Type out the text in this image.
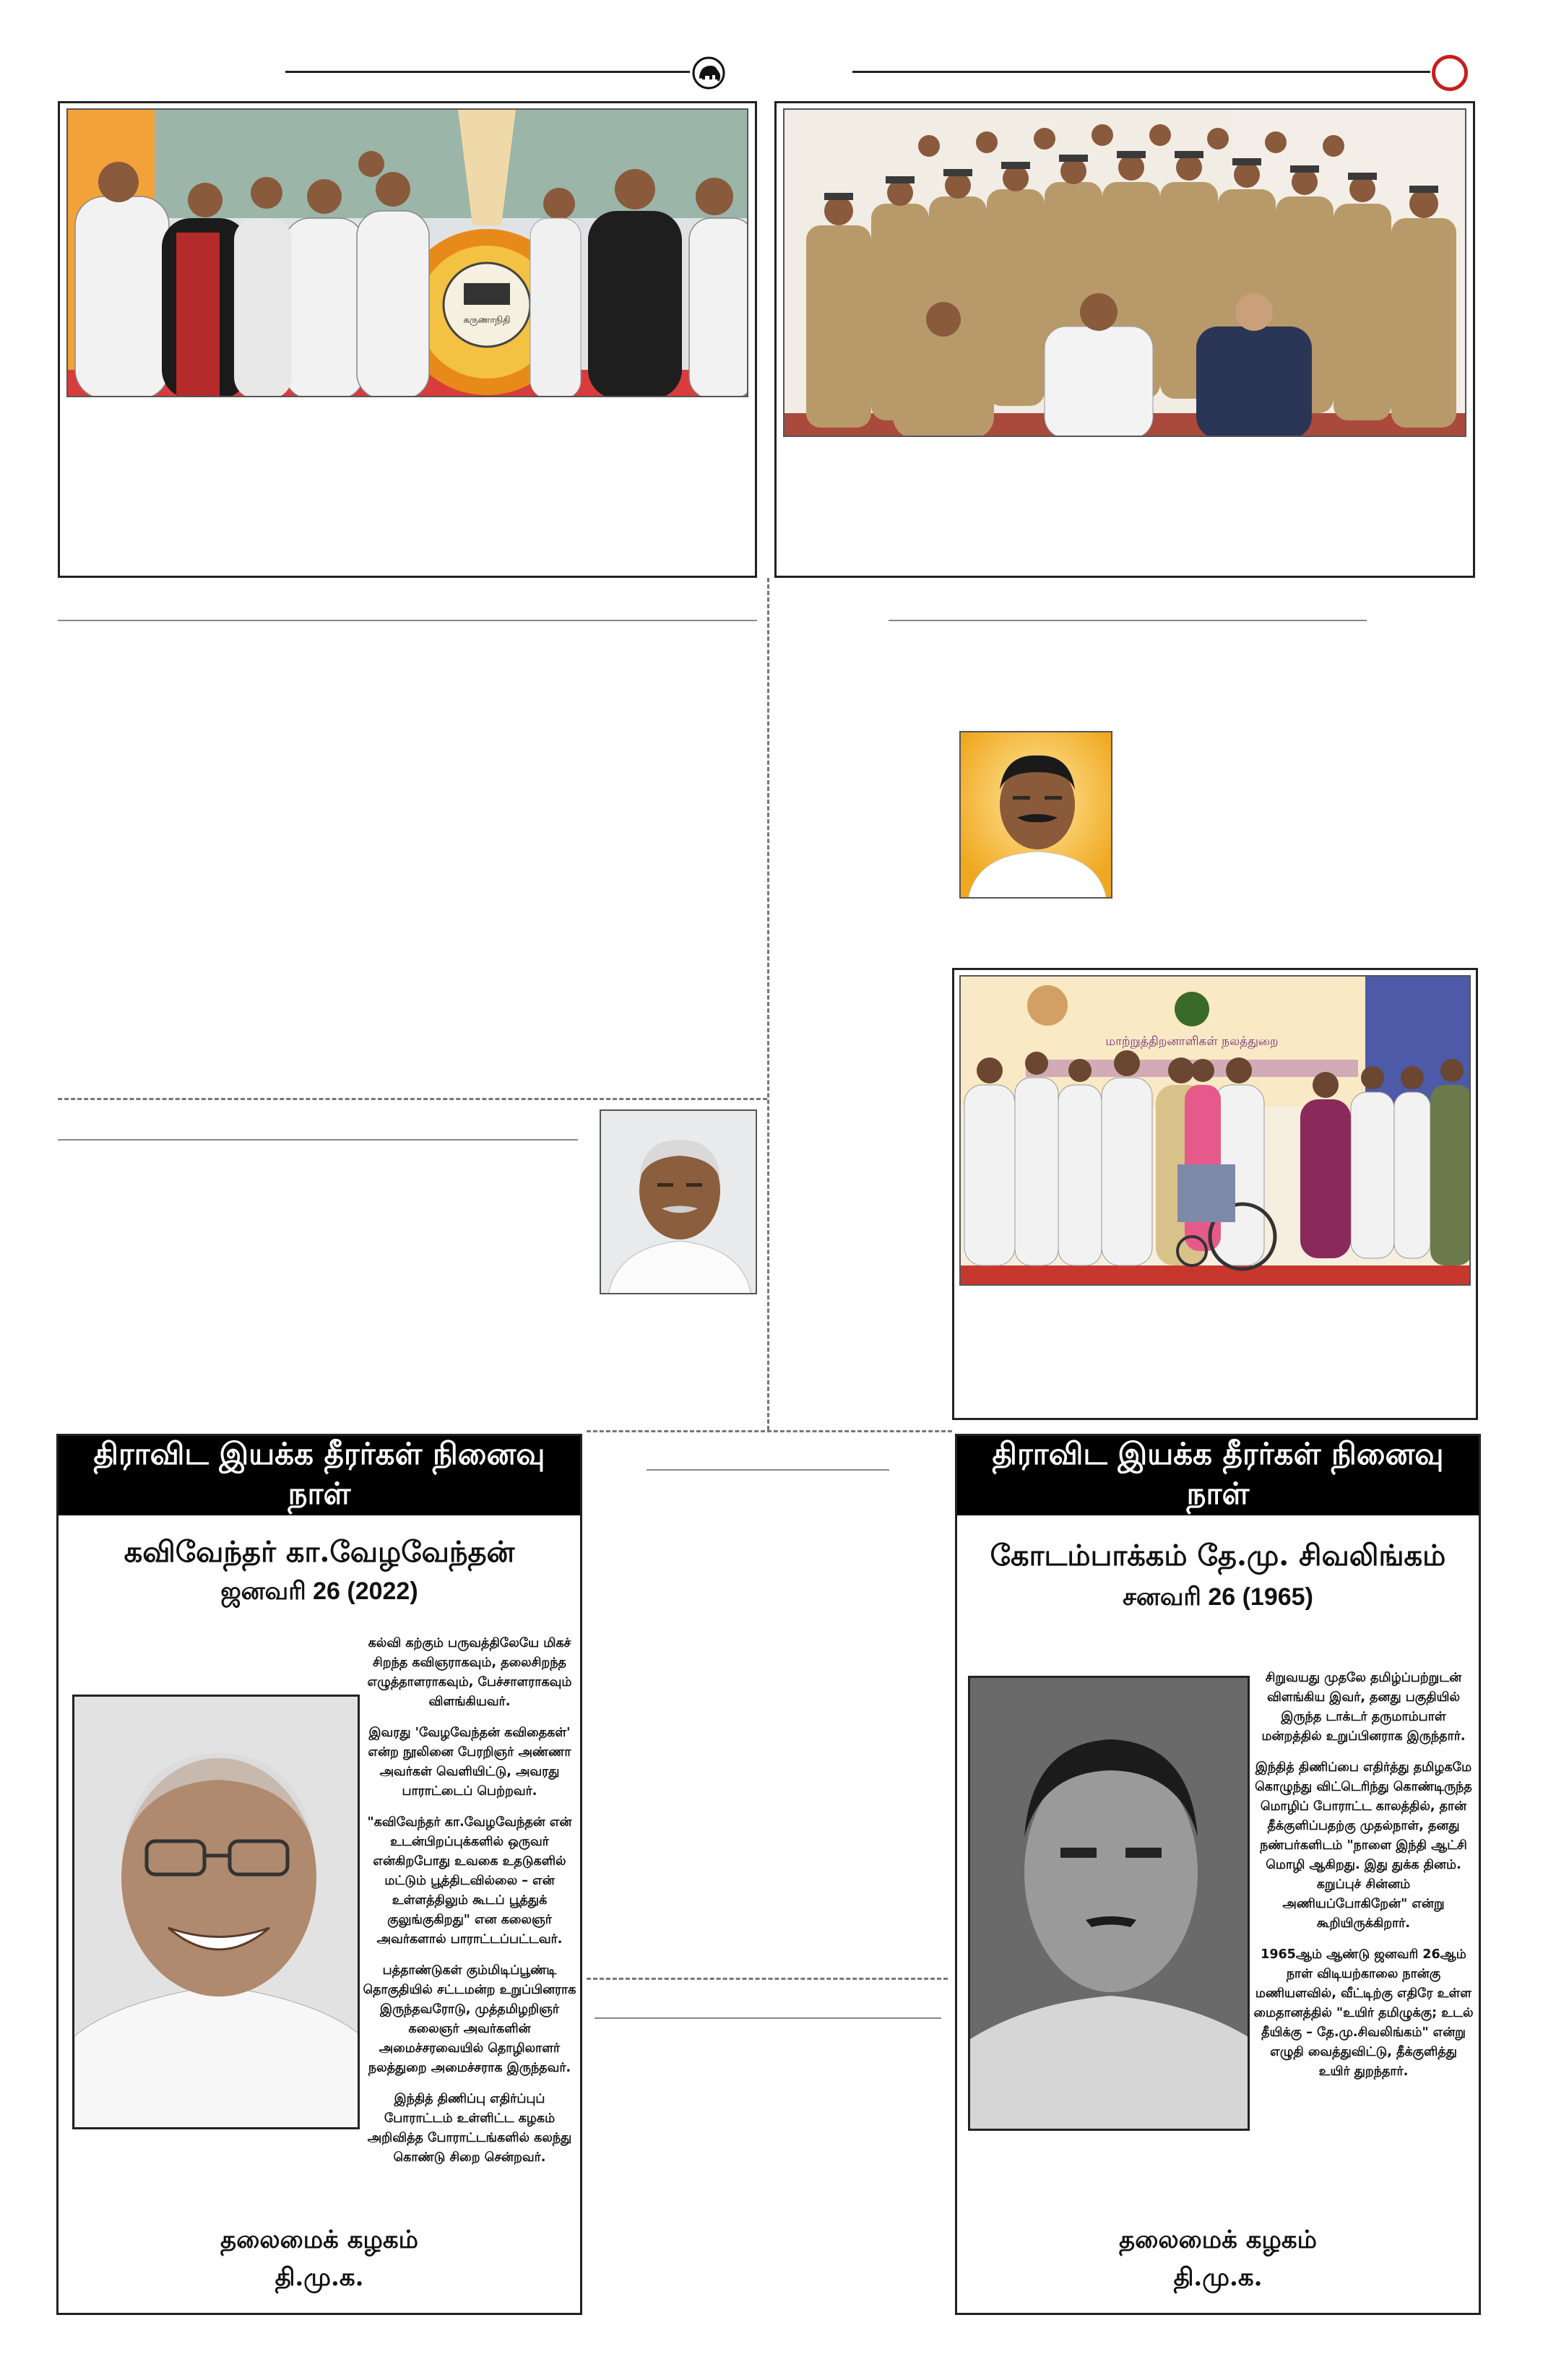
கருணாநிதி
மாற்றுத்திறனாளிகள் நலத்துறை
திராவிட இயக்க தீரர்கள் நினைவு நாள்
கவிவேந்தர் கா.வேழவேந்தன்
ஜனவரி 26 (2022)

கல்வி கற்கும் பருவத்திலேயே மிகச் சிறந்த கவிஞராகவும், தலைசிறந்த எழுத்தாளராகவும், பேச்சாளராகவும் விளங்கியவர்.

இவரது 'வேழவேந்தன் கவிதைகள்' என்ற நூலினை பேரறிஞர் அண்ணா அவர்கள் வெளியிட்டு, அவரது பாராட்டைப் பெற்றவர்.

"கவிவேந்தர் கா.வேழவேந்தன் என் உடன்பிறப்புக்களில் ஒருவர் என்கிறபோது உவகை உதடுகளில் மட்டும் பூத்திடவில்லை – என் உள்ளத்திலும் கூடப் பூத்துக் குலுங்குகிறது" என கலைஞர் அவர்களால் பாராட்டப்பட்டவர்.

பத்தாண்டுகள் கும்மிடிப்பூண்டி தொகுதியில் சட்டமன்ற உறுப்பினராக இருந்தவரோடு, முத்தமிழறிஞர் கலைஞர் அவர்களின் அமைச்சரவையில் தொழிலாளர் நலத்துறை அமைச்சராக இருந்தவர்.

இந்தித் திணிப்பு எதிர்ப்புப் போராட்டம் உள்ளிட்ட கழகம் அறிவித்த போராட்டங்களில் கலந்து கொண்டு சிறை சென்றவர்.

தலைமைக் கழகம்
தி.மு.க.
திராவிட இயக்க தீரர்கள் நினைவு நாள்
கோடம்பாக்கம் தே.மு. சிவலிங்கம்
சனவரி 26 (1965)

சிறுவயது முதலே தமிழ்ப்பற்றுடன் விளங்கிய இவர், தனது பகுதியில் இருந்த டாக்டர் தருமாம்பாள் மன்றத்தில் உறுப்பினராக இருந்தார்.

இந்தித் திணிப்பை எதிர்த்து தமிழகமே கொழுந்து விட்டெரிந்து கொண்டிருந்த மொழிப் போராட்ட காலத்தில், தான் தீக்குளிப்பதற்கு முதல்நாள், தனது நண்பர்களிடம் "நாளை இந்தி ஆட்சி மொழி ஆகிறது. இது துக்க தினம். கறுப்புச் சின்னம் அணியப்போகிறேன்" என்று கூறியிருக்கிறார்.

1965ஆம் ஆண்டு ஜனவரி 26ஆம் நாள் விடியற்காலை நான்கு மணியளவில், வீட்டிற்கு எதிரே உள்ள மைதானத்தில் "உயிர் தமிழுக்கு; உடல் தீயிக்கு – தே.மு.சிவலிங்கம்" என்று எழுதி வைத்துவிட்டு, தீக்குளித்து உயிர் துறந்தார்.

தலைமைக் கழகம்
தி.மு.க.
